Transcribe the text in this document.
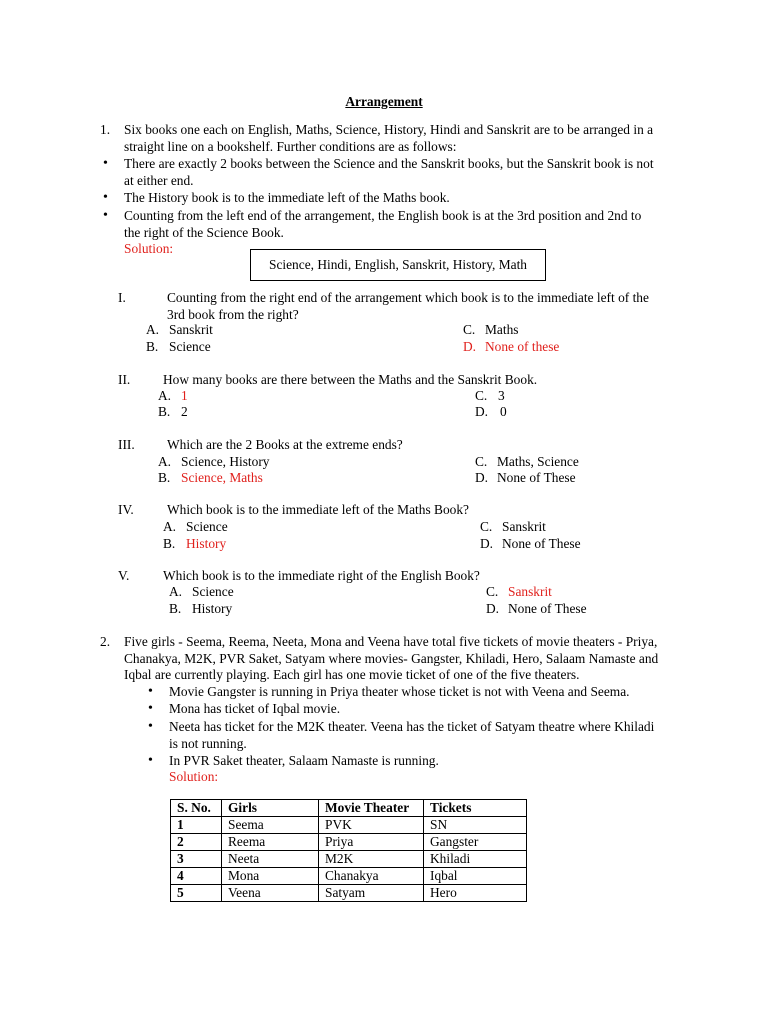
Arrangement
1. Six books one each on English, Maths, Science, History, Hindi and Sanskrit are to be arranged in a
straight line on a bookshelf. Further conditions are as follows:
• There are exactly 2 books between the Science and the Sanskrit books, but the Sanskrit book is not
at either end.
• The History book is to the immediate left of the Maths book.
• Counting from the left end of the arrangement, the English book is at the 3rd position and 2nd to
the right of the Science Book.
Solution:
Science, Hindi, English, Sanskrit, History, Math
I.	Counting from the right end of the arrangement which book is to the immediate left of the
3rd book from the right?
A. Sanskrit	C. Maths
B. Science	D. None of these
II. How many books are there between the Maths and the Sanskrit Book.
A. 1	C. 3
B. 2	D. 0
III. Which are the 2 Books at the extreme ends?
A. Science, History	C. Maths, Science
B. Science, Maths	D. None of These
IV. Which book is to the immediate left of the Maths Book?
A. Science	C. Sanskrit
B. History	D. None of These
V.	Which book is to the immediate right of the English Book?
A. Science	C. Sanskrit
B. History	D. None of These
2. Five girls - Seema, Reema, Neeta, Mona and Veena have total five tickets of movie theaters - Priya,
Chanakya, M2K, PVR Saket, Satyam where movies- Gangster, Khiladi, Hero, Salaam Namaste and
Iqbal are currently playing. Each girl has one movie ticket of one of the five theaters.
• Movie Gangster is running in Priya theater whose ticket is not with Veena and Seema.
• Mona has ticket of Iqbal movie.
• Neeta has ticket for the M2K theater. Veena has the ticket of Satyam theatre where Khiladi
is not running.
• In PVR Saket theater, Salaam Namaste is running.
Solution:
S. No.	Girls	Movie Theater	Tickets
1	Seema	PVK	SN
2	Reema	Priya	Gangster
3	Neeta	M2K	Khiladi
4	Mona	Chanakya	Iqbal
5	Veena	Satyam	Hero
